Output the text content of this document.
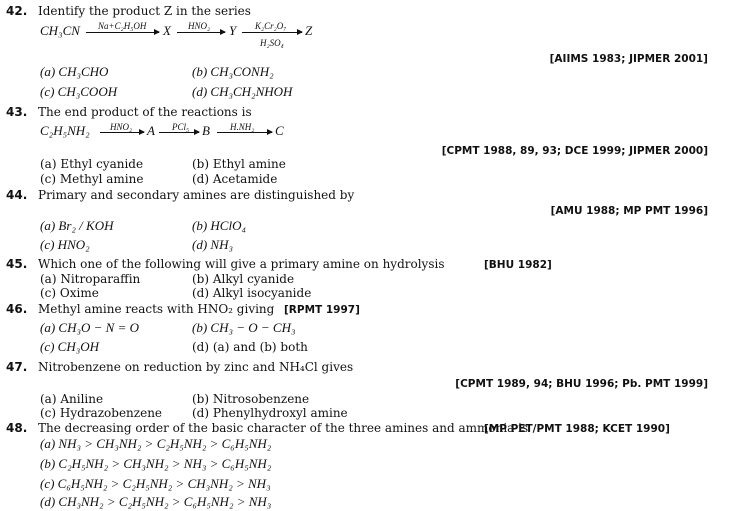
42. Identify the product Z in the series
CH₃CN Na+C₂H₅OH X HNO₂ → Y K₂Cr₂O₇
H₂SO₄
Z
[AIIMS 1983; JIPMER 2001]
(a) CH₃CHO	(b) CH₃CONH₂
(c) CH₃COOH	(d) CH₃CH₂NHOH
43. The end product of the reactions is
C₂H₅NH₂ HNO₂ → A PCl₅ → B H.NH₂ C
[CPMT 1988, 89, 93; DCE 1999; JIPMER 2000]
(a) Ethyl cyanide	(b) Ethyl amine
(c) Methyl amine	(d) Acetamide
44. Primary and secondary amines are distinguished by
[AMU 1988; MP PMT 1996]
(a) Br₂ / KOH	(b) HClO₄
(c) HNO₂	(d) NH₃
45. Which one of the following will give a primary amine on hydrolysis	[BHU 1982]
(a) Nitroparaffin	(b) Alkyl cyanide
(c) Oxime	(d) Alkyl isocyanide
46. Methyl amine reacts with HNO₂ giving [RPMT 1997]
(a) CH₃O − N = O	(b) CH₃ − O − CH₃
(c) CH₃OH	(d) (a) and (b) both
47. Nitrobenzene on reduction by zinc and NH₄Cl gives
[CPMT 1989, 94; BHU 1996; Pb. PMT 1999]
(a) Aniline	(b) Nitrosobenzene
(c) Hydrazobenzene (d) Phenylhydroxyl amine
48. The decreasing order of the basic character of the three amines and ammonia is
[MP PET/PMT 1988; KCET 1990]
(a) NH₃ > CH₃NH₂ > C₂H₅NH₂ > C₆H₅NH₂
(b) C₂H₅NH₂ > CH₃NH₂ > NH₃ > C₆H₅NH₂
(c) C₆H₅NH₂ > C₂H₅NH₂ > CH₃NH₂ > NH₃
(d) CH₃NH₂ > C₂H₅NH₂ > C₆H₅NH₂ > NH₃
